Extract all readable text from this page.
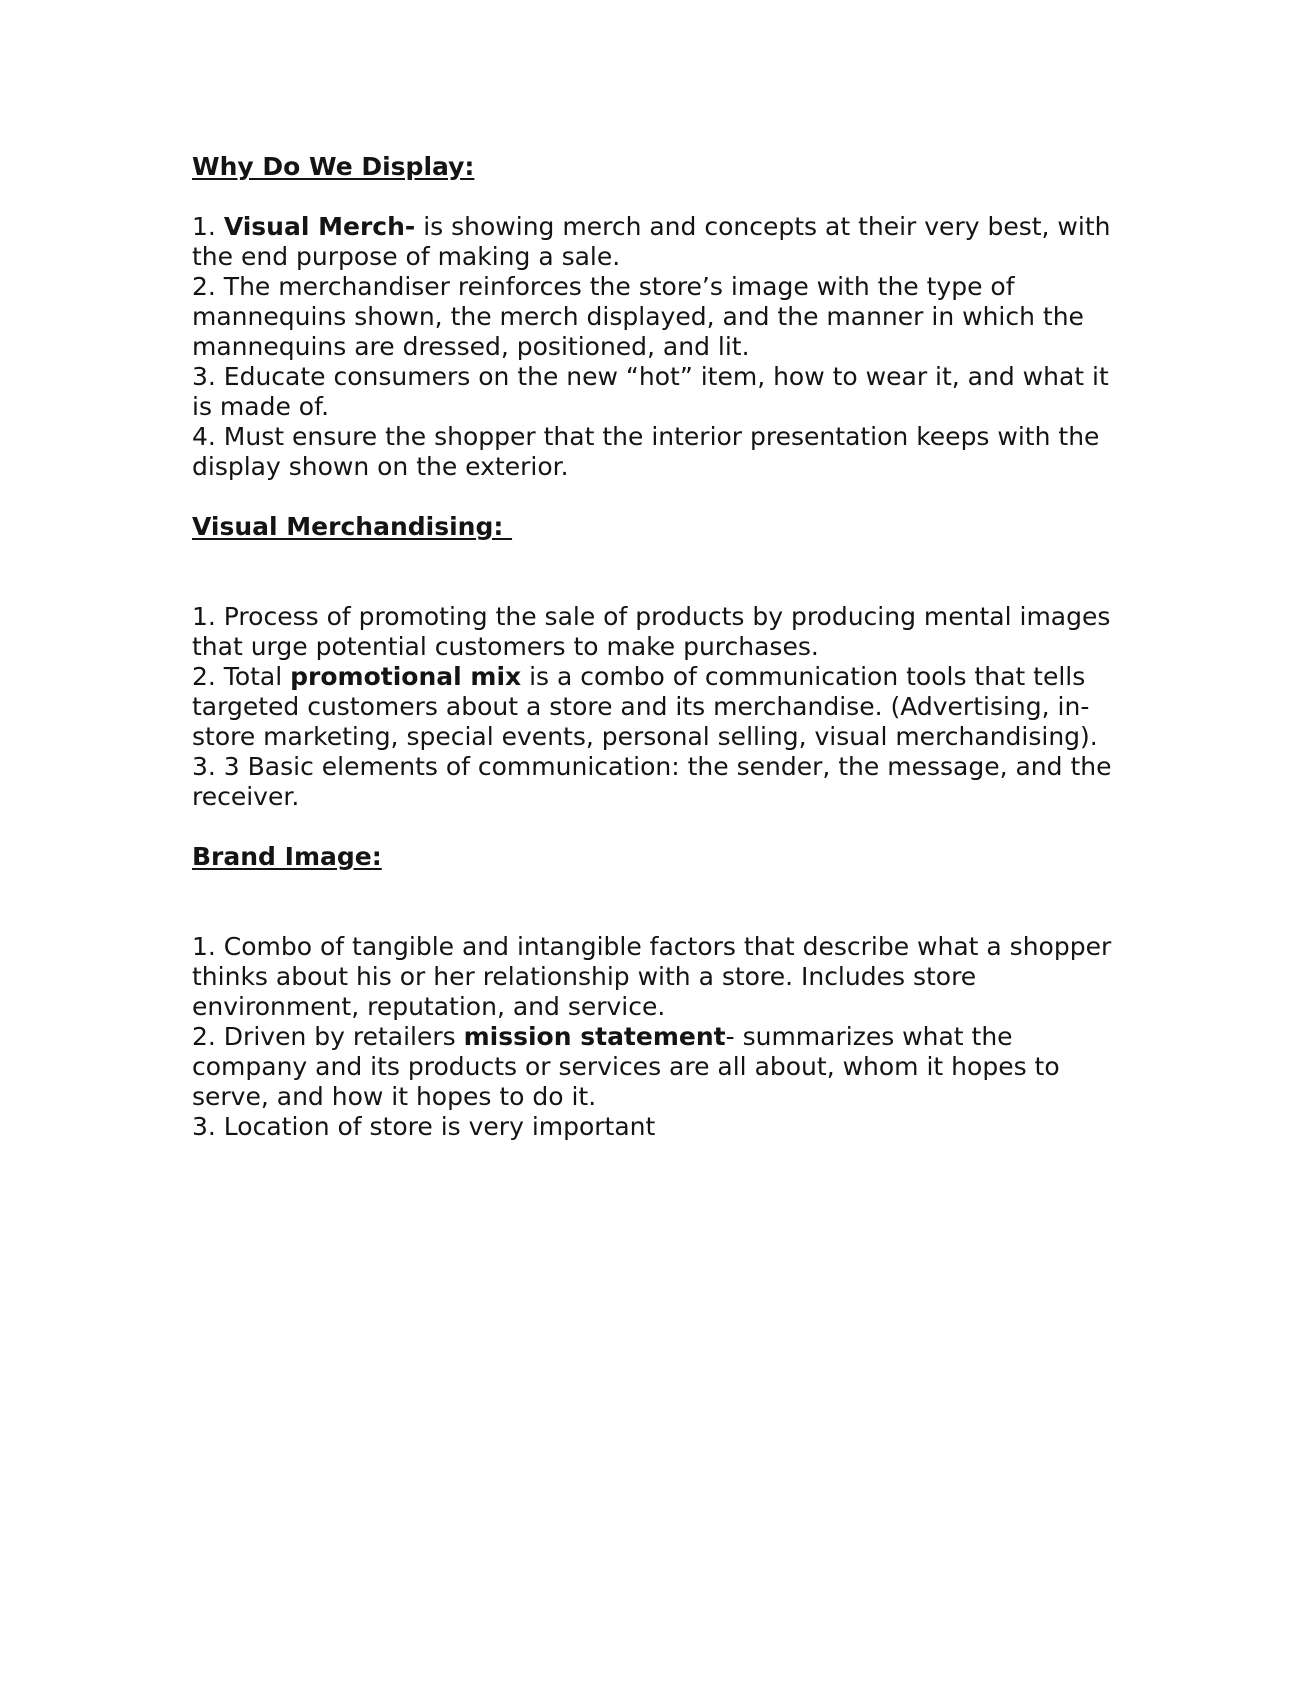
Why Do We Display:

1. Visual Merch- is showing merch and concepts at their very best, with the end purpose of making a sale.

2. The merchandiser reinforces the store’s image with the type of mannequins shown, the merch displayed, and the manner in which the mannequins are dressed, positioned, and lit.

3. Educate consumers on the new “hot” item, how to wear it, and what it is made of.

4. Must ensure the shopper that the interior presentation keeps with the display shown on the exterior.

Visual Merchandising:

1. Process of promoting the sale of products by producing mental images that urge potential customers to make purchases.

2. Total promotional mix is a combo of communication tools that tells targeted customers about a store and its merchandise. (Advertising, in-store marketing, special events, personal selling, visual merchandising).

3. 3 Basic elements of communication: the sender, the message, and the receiver.

Brand Image:

1. Combo of tangible and intangible factors that describe what a shopper thinks about his or her relationship with a store. Includes store environment, reputation, and service.

2. Driven by retailers mission statement- summarizes what the company and its products or services are all about, whom it hopes to serve, and how it hopes to do it.

3. Location of store is very important
